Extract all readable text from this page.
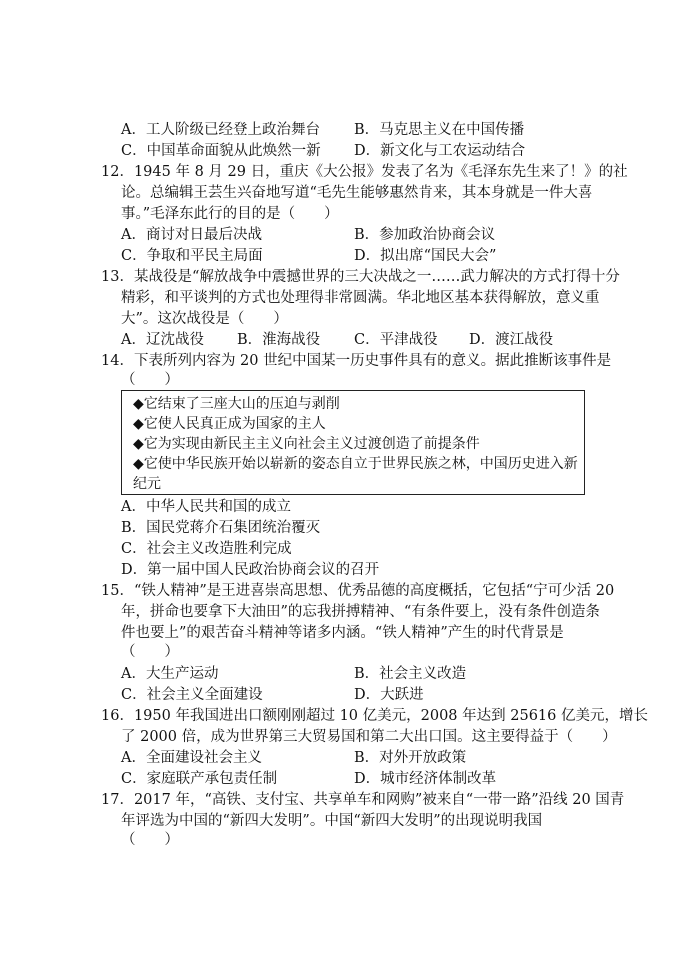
A．工人阶级已经登上政治舞台 B．马克思主义在中国传播
C．中国革命面貌从此焕然一新 D．新文化与工农运动结合
12．1945 年 8 月 29 日，重庆《大公报》发表了名为《毛泽东先生来了！》的社
论。总编辑王芸生兴奋地写道“毛先生能够惠然肯来，其本身就是一件大喜
事。”毛泽东此行的目的是（　　）
A．商讨对日最后决战	B．参加政治协商会议
C．争取和平民主局面	D．拟出席“国民大会”
13．某战役是“解放战争中震撼世界的三大决战之一……武力解决的方式打得十分
精彩，和平谈判的方式也处理得非常圆满。华北地区基本获得解放，意义重
大”。这次战役是（　　）
A．辽沈战役 B．淮海战役 C．平津战役 D．渡江战役
14．下表所列内容为 20 世纪中国某一历史事件具有的意义。据此推断该事件是
（　　）
◆它结束了三座大山的压迫与剥削
◆它使人民真正成为国家的主人
◆它为实现由新民主主义向社会主义过渡创造了前提条件
◆它使中华民族开始以崭新的姿态自立于世界民族之林，中国历史进入新
纪元
A．中华人民共和国的成立
B．国民党蒋介石集团统治覆灭
C．社会主义改造胜利完成
D．第一届中国人民政治协商会议的召开
15．“铁人精神”是王进喜崇高思想、优秀品德的高度概括，它包括“宁可少活 20
年，拼命也要拿下大油田”的忘我拼搏精神、“有条件要上，没有条件创造条
件也要上”的艰苦奋斗精神等诸多内涵。“铁人精神”产生的时代背景是
（　　）
A．大生产运动	B．社会主义改造
C．社会主义全面建设	D．大跃进
16．1950 年我国进出口额刚刚超过 10 亿美元，2008 年达到 25616 亿美元，增长
了 2000 倍，成为世界第三大贸易国和第二大出口国。这主要得益于（　　）
A．全面建设社会主义	B．对外开放政策
C．家庭联产承包责任制	D．城市经济体制改革
17．2017 年，“高铁、支付宝、共享单车和网购”被来自“一带一路”沿线 20 国青
年评选为中国的“新四大发明”。中国“新四大发明”的出现说明我国
（　　）
